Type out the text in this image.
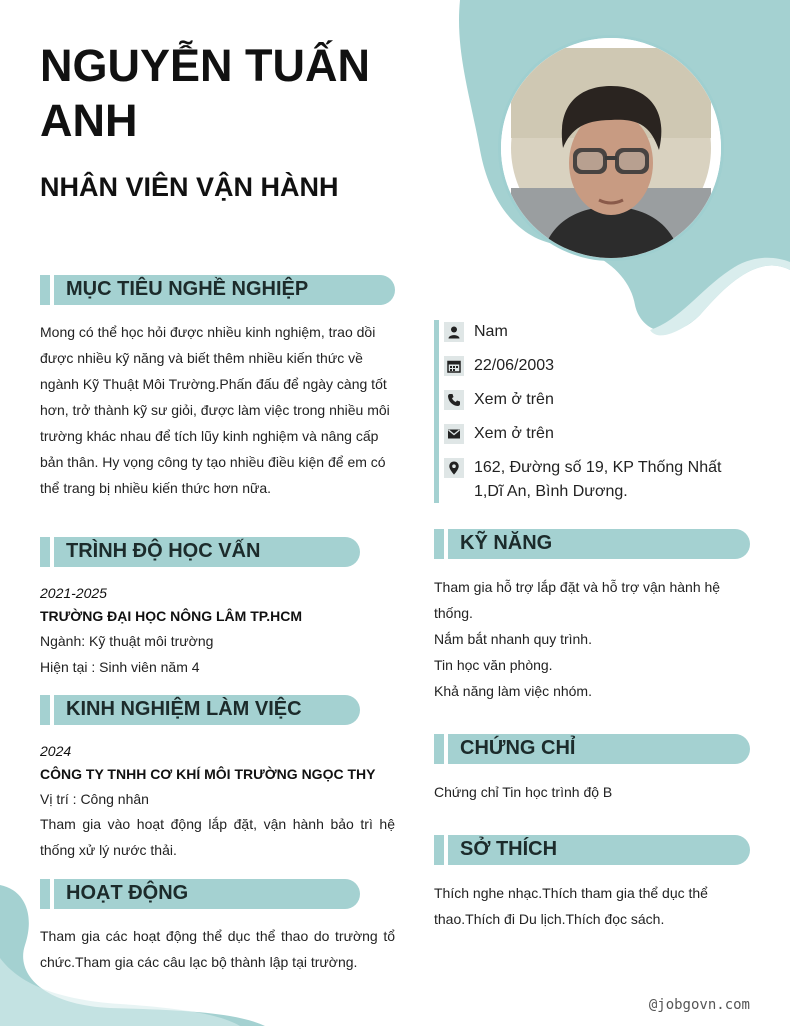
NGUYỄN TUẤN ANH
NHÂN VIÊN VẬN HÀNH
MỤC TIÊU NGHỀ NGHIỆP

Mong có thể học hỏi được nhiều kinh nghiệm, trao dồi được nhiều kỹ năng và biết thêm nhiều kiến thức về ngành Kỹ Thuật Môi Trường.Phấn đấu để ngày càng tốt hơn, trở thành kỹ sư giỏi, được làm việc trong nhiều môi trường khác nhau để tích lũy kinh nghiệm và nâng cấp bản thân. Hy vọng công ty tạo nhiều điều kiện để em có thể trang bị nhiều kiến thức hơn nữa.

TRÌNH ĐỘ HỌC VẤN
2021-2025
TRƯỜNG ĐẠI HỌC NÔNG LÂM TP.HCM
Ngành: Kỹ thuật môi trường
Hiện tại : Sinh viên năm 4
KINH NGHIỆM LÀM VIỆC
2024
CÔNG TY TNHH CƠ KHÍ MÔI TRƯỜNG NGỌC THY
Vị trí : Công nhân

Tham gia vào hoạt động lắp đặt, vận hành bảo trì hệ thống xử lý nước thải.

HOẠT ĐỘNG

Tham gia các hoạt động thể dục thể thao do trường tổ chức.Tham gia các câu lạc bộ thành lập tại trường.

Nam
22/06/2003
Xem ở trên
Xem ở trên
162, Đường số 19, KP Thống Nhất 1,Dĩ An, Bình Dương.
KỸ NĂNG

Tham gia hỗ trợ lắp đặt và hỗ trợ vận hành hệ thống.

Nắm bắt nhanh quy trình.

Tin học văn phòng.

Khả năng làm việc nhóm.

CHỨNG CHỈ

Chứng chỉ Tin học trình độ B

SỞ THÍCH

Thích nghe nhạc.Thích tham gia thể dục thể thao.Thích đi Du lịch.Thích đọc sách.

@jobgovn.com
